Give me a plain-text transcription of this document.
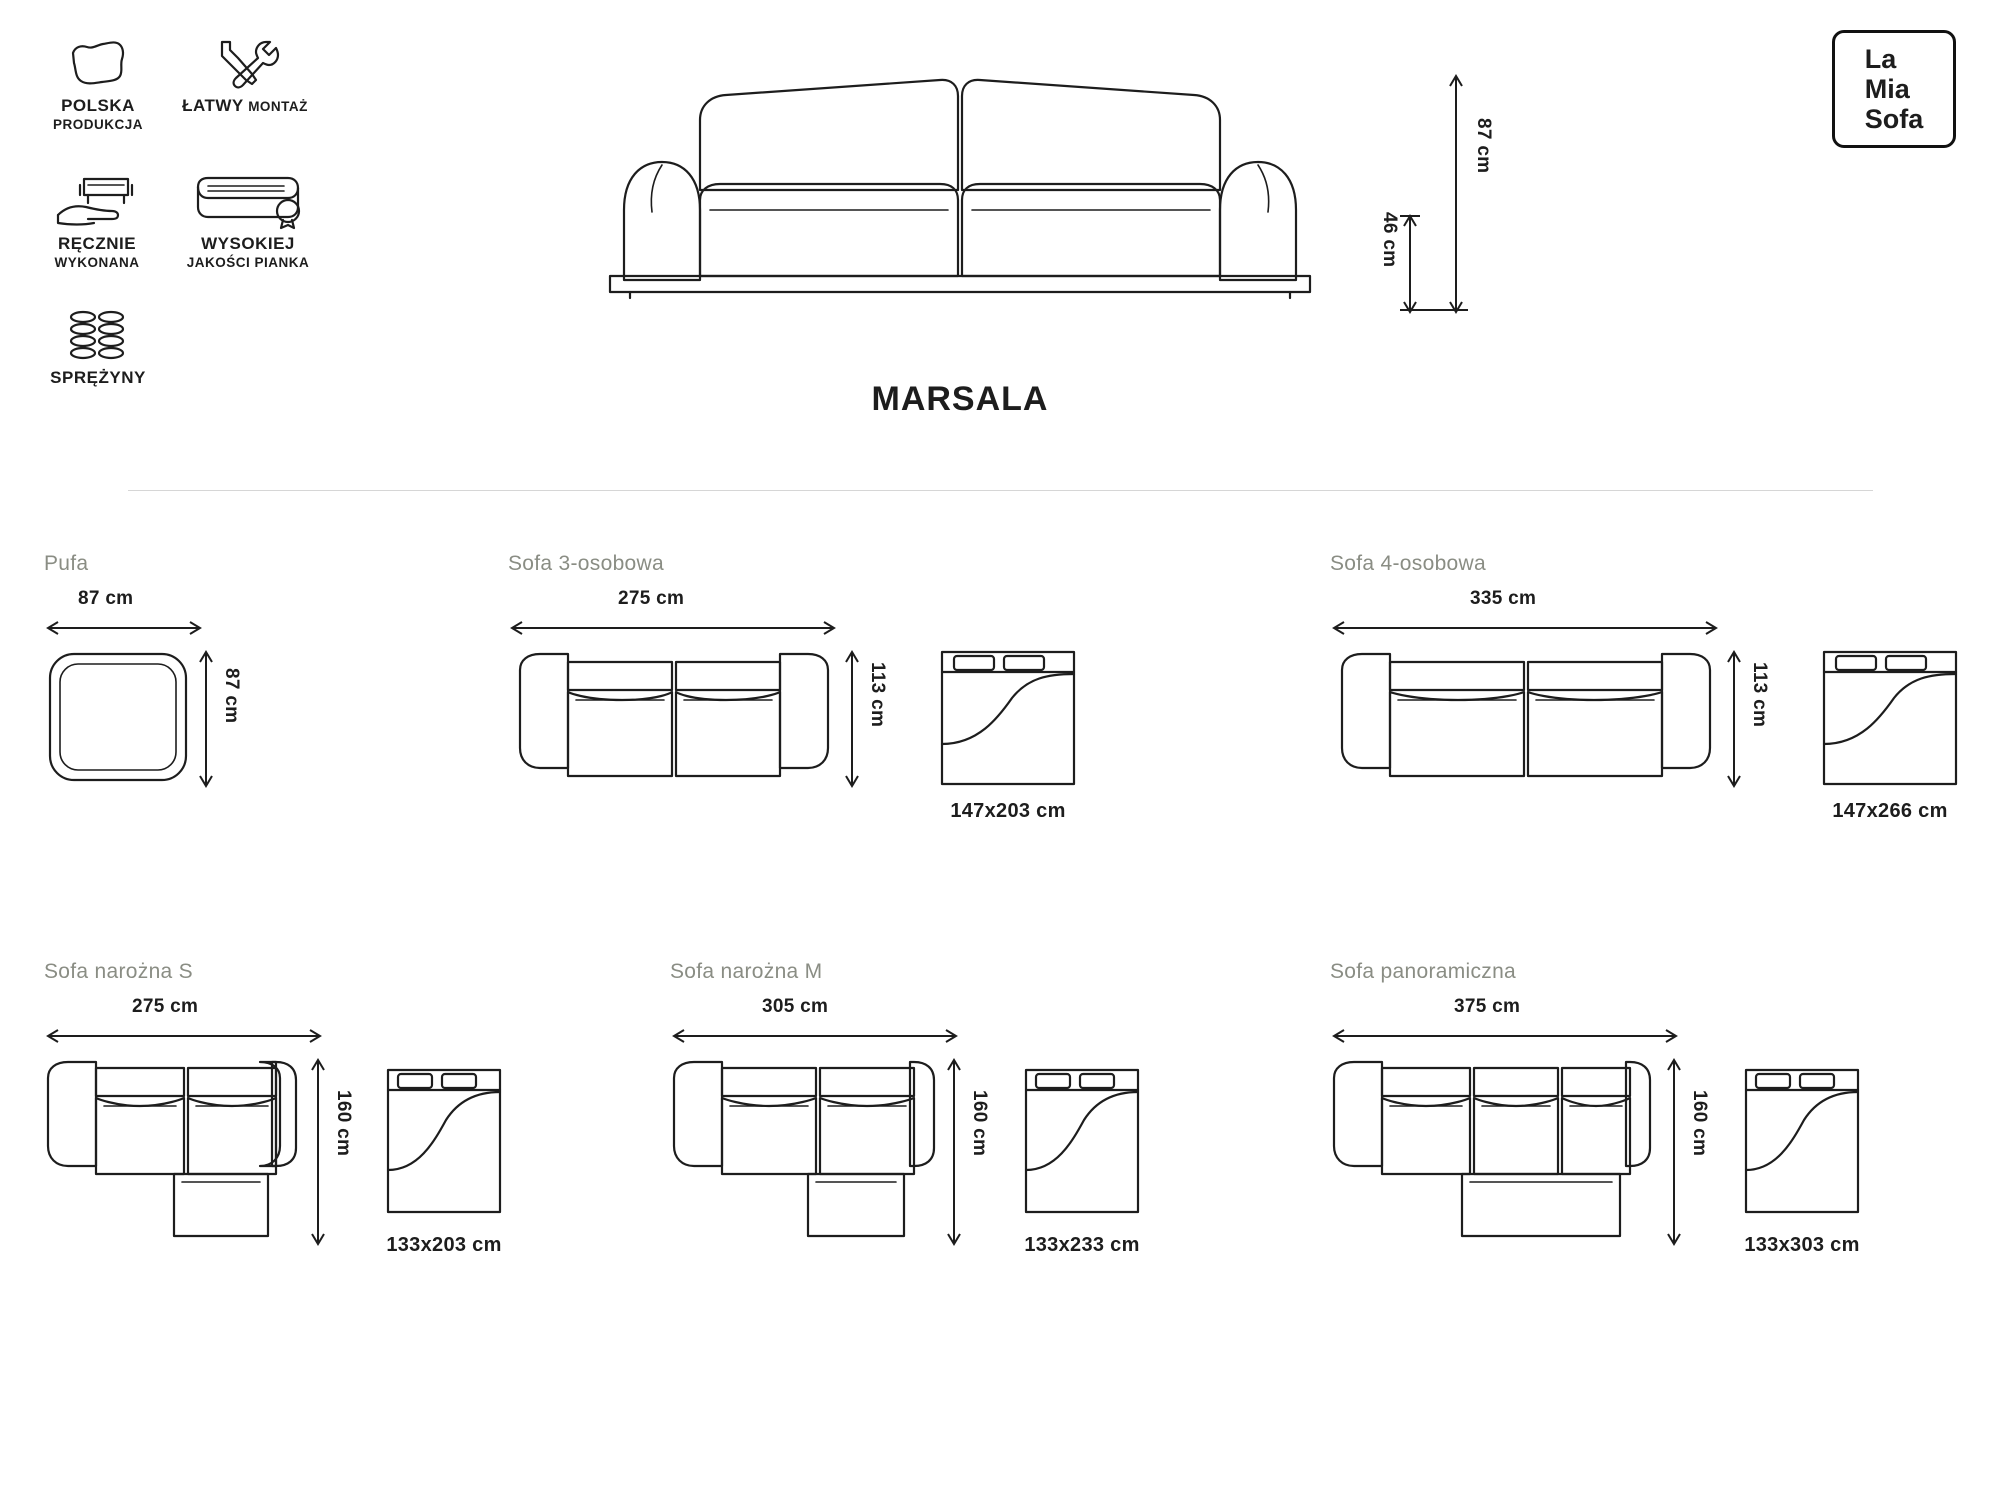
POLSKA PRODUKCJA
ŁATWY MONTAŻ
RĘCZNIE WYKONANA
WYSOKIEJ JAKOŚCI PIANKA
SPRĘŻYNY
La
Mia
Sofa
MARSALA
87 cm
46 cm
Pufa
87 cm
87 cm
Sofa 3-osobowa
275 cm
113 cm
147x203 cm
Sofa 4-osobowa
335 cm
113 cm
147x266 cm
Sofa narożna S
275 cm
160 cm
133x203 cm
Sofa narożna M
305 cm
160 cm
133x233 cm
Sofa panoramiczna
375 cm
160 cm
133x303 cm
